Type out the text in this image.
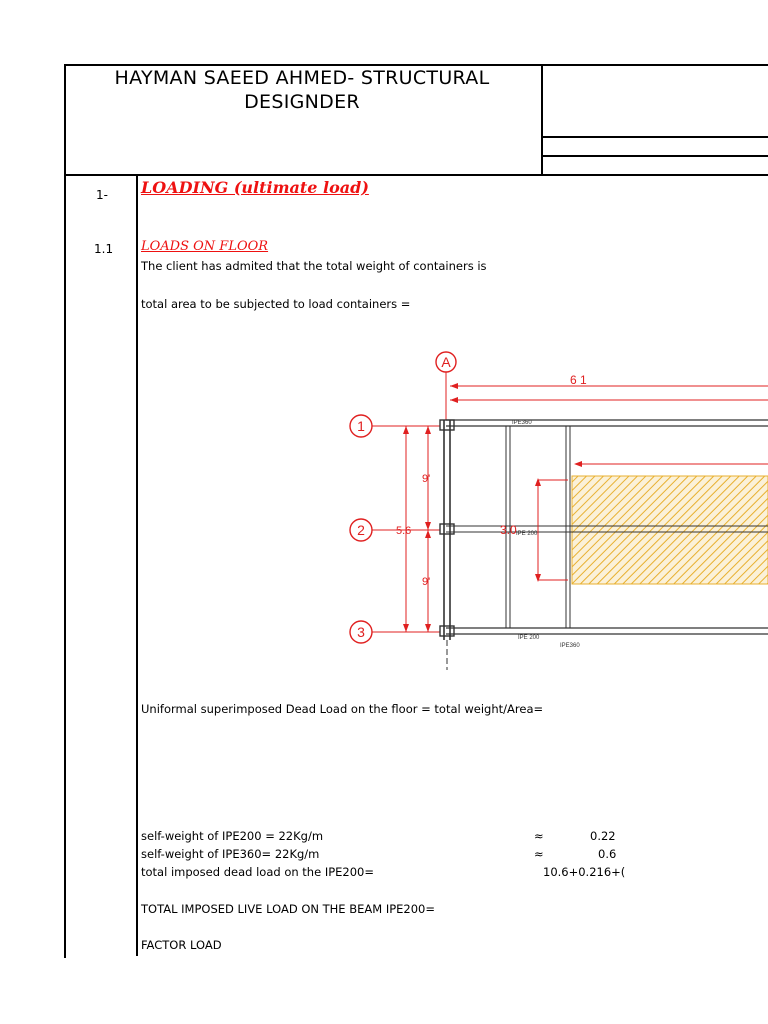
HAYMAN SAEED AHMED- STRUCTURAL DESIGNDER
1- LOADING (ultimate load)
1.1 LOADS ON FLOOR
The client has admited that the total weight of containers is
total area to be subjected to load containers =
A
1
2
3
6 1
5.6
9'
9'
3.0
IPE360
IPE360
IPE 200
IPE 200
Uniformal superimposed Dead Load on the floor = total weight/Area=
self-weight of IPE200 = 22Kg/m
self-weight of IPE360= 22Kg/m
total imposed dead load on the IPE200=
TOTAL IMPOSED LIVE LOAD ON THE BEAM IPE200=
FACTOR LOAD
≈
≈
0.22
0.6
10.6+0.216+(
